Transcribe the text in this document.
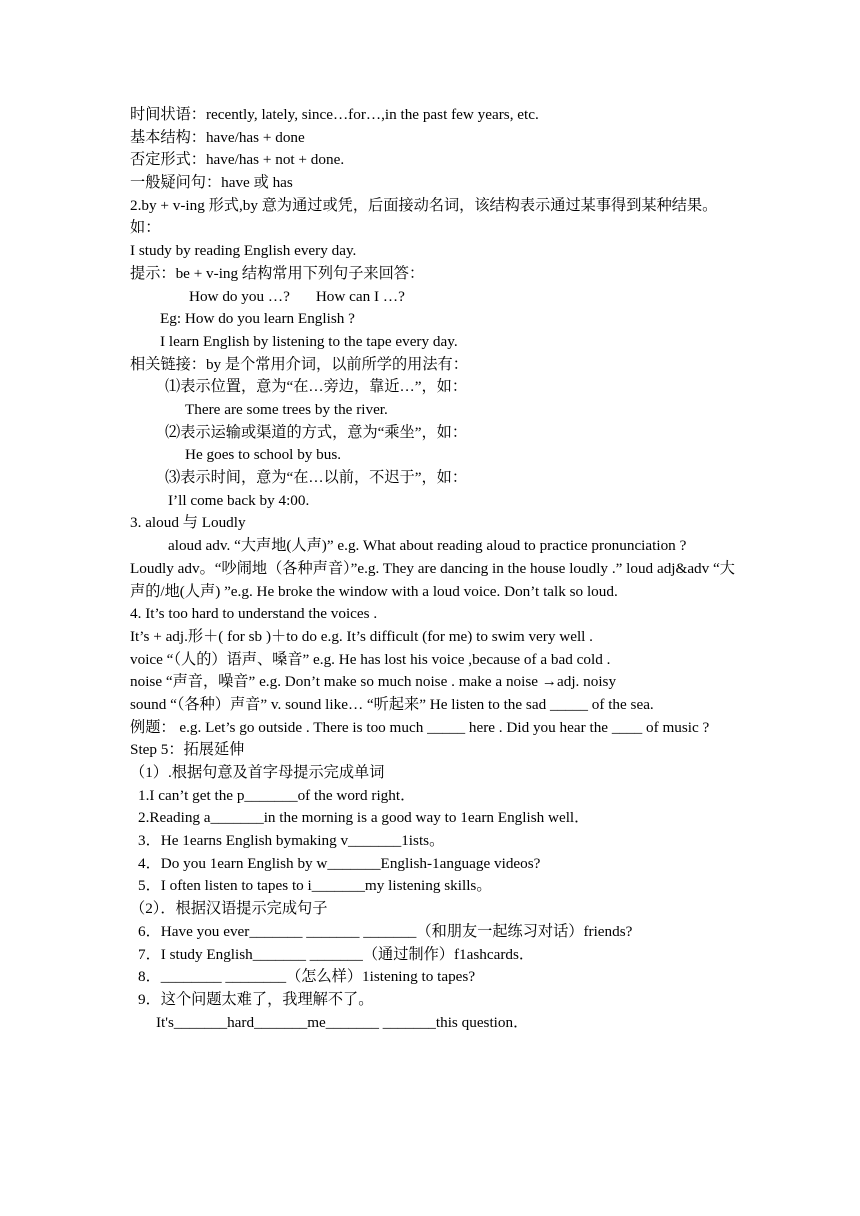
时间状语：recently, lately, since…for…,in the past few years, etc.
基本结构：have/has + done
否定形式：have/has + not + done.
一般疑问句：have 或 has
2.by + v-ing 形式,by 意为通过或凭，后面接动名词，该结构表示通过某事得到某种结果。如：
I study by reading English every day.
提示：be + v-ing 结构常用下列句子来回答：
How do you …? How can I …?
Eg: How do you learn English ?
I learn English by listening to the tape every day.
相关链接：by 是个常用介词，以前所学的用法有：
⑴表示位置，意为“在…旁边，靠近…”，如：
There are some trees by the river.
⑵表示运输或渠道的方式，意为“乘坐”，如：
He goes to school by bus.
⑶表示时间，意为“在…以前，不迟于”，如：
I’ll come back by 4:00.
3. aloud 与 Loudly
aloud adv. “大声地(人声)” e.g. What about reading aloud to practice pronunciation ?
Loudly adv。“吵闹地（各种声音）”e.g. They are dancing in the house loudly .” loud adj&adv “大声的/地(人声) ”e.g. He broke the window with a loud voice. Don’t talk so loud.
4. It’s too hard to understand the voices .
It’s + adj.形＋( for sb )＋to do e.g. It’s difficult (for me) to swim very well .
voice “（人的）语声、嗓音” e.g. He has lost his voice ,because of a bad cold .
noise “声音，噪音” e.g. Don’t make so much noise . make a noise →adj. noisy
sound “（各种）声音” v. sound like… “听起来” He listen to the sad _____ of the sea.
例题： e.g. Let’s go outside . There is too much _____ here . Did you hear the ____ of music ?
Step 5：拓展延伸
（1）.根据句意及首字母提示完成单词
1.I can’t get the p_______of the word right．
2.Reading a_______in the morning is a good way to 1earn English well．
3．He 1earns English bymaking v_______1ists。
4．Do you 1earn English by w_______English-1anguage videos?
5．I often listen to tapes to i_______my listening skills。
（2）．根据汉语提示完成句子
6．Have you ever_______ _______ _______（和朋友一起练习对话）friends?
7．I study English_______ _______（通过制作）f1ashcards．
8．________ ________（怎么样）1istening to tapes?
9．这个问题太难了，我理解不了。
It's_______hard_______me_______ _______this question．
